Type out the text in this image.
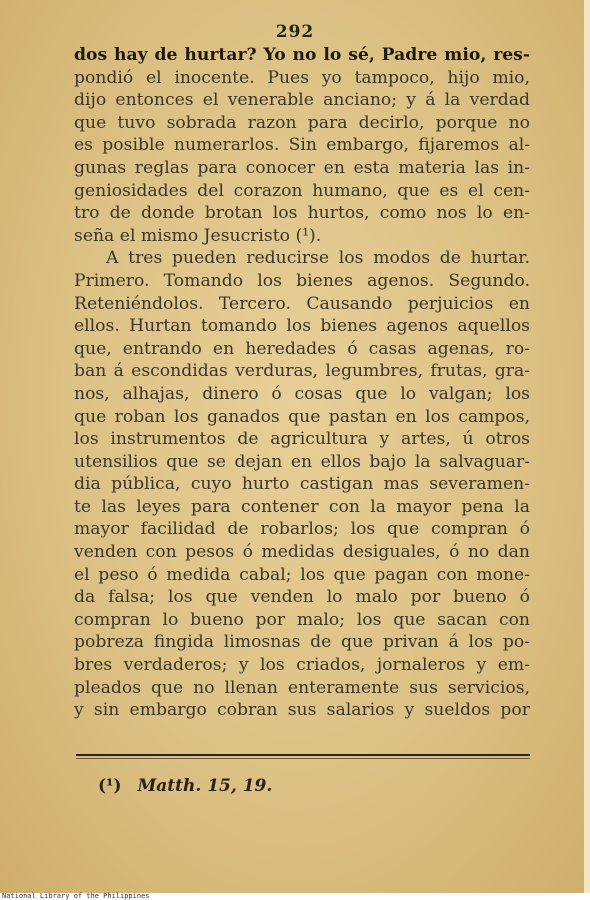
292
dos hay de hurtar? Yo no lo sé, Padre mio, res-
pondió el inocente. Pues yo tampoco, hijo mio,
dijo entonces el venerable anciano; y á la verdad
que tuvo sobrada razon para decirlo, porque no
es posible numerarlos. Sin embargo, fijaremos al-
gunas reglas para conocer en esta materia las in-
geniosidades del corazon humano, que es el cen-
tro de donde brotan los hurtos, como nos lo en-
seña el mismo Jesucristo (¹).
A tres pueden reducirse los modos de hurtar.
Primero. Tomando los bienes agenos. Segundo.
Reteniéndolos. Tercero. Causando perjuicios en
ellos. Hurtan tomando los bienes agenos aquellos
que, entrando en heredades ó casas agenas, ro-
ban á escondidas verduras, legumbres, frutas, gra-
nos, alhajas, dinero ó cosas que lo valgan; los
que roban los ganados que pastan en los campos,
los instrumentos de agricultura y artes, ú otros
utensilios que se dejan en ellos bajo la salvaguar-
dia pública, cuyo hurto castigan mas severamen-
te las leyes para contener con la mayor pena la
mayor facilidad de robarlos; los que compran ó
venden con pesos ó medidas desiguales, ó no dan
el peso ó medida cabal; los que pagan con mone-
da falsa; los que venden lo malo por bueno ó
compran lo bueno por malo; los que sacan con
pobreza fingida limosnas de que privan á los po-
bres verdaderos; y los criados, jornaleros y em-
pleados que no llenan enteramente sus servicios,
y sin embargo cobran sus salarios y sueldos por
(¹) Matth. 15, 19.
National Library of the Philippines
